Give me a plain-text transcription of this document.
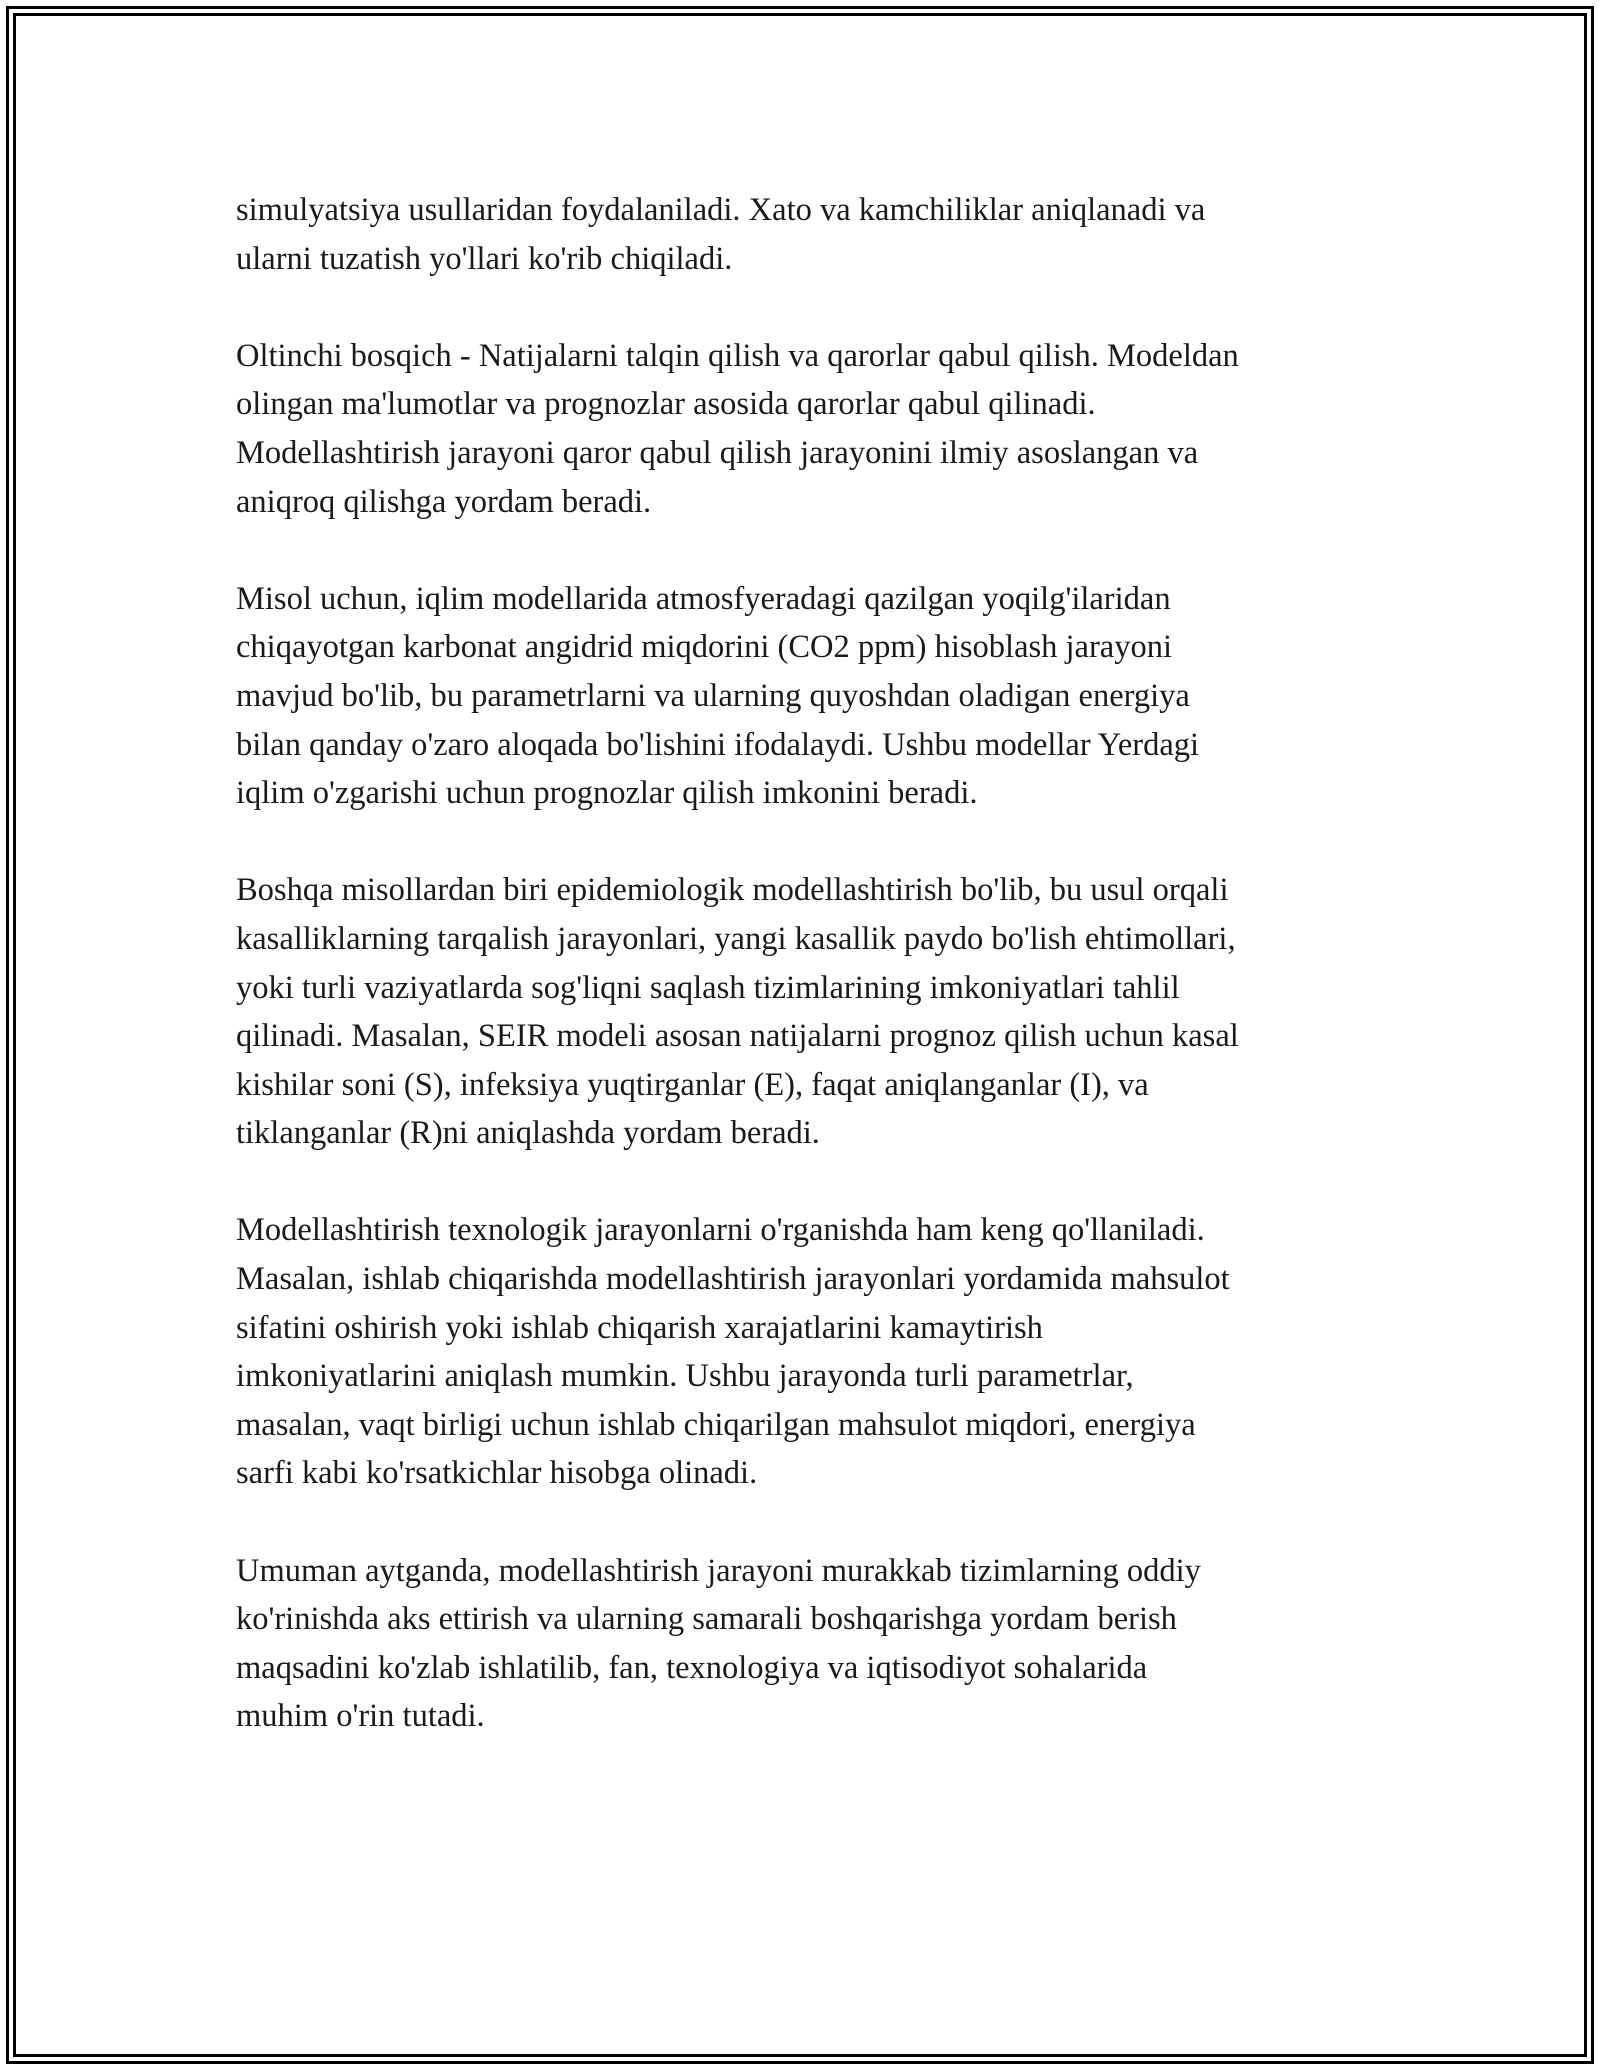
simulyatsiya usullaridan foydalaniladi. Xato va kamchiliklar aniqlanadi va
ularni tuzatish yo'llari ko'rib chiqiladi.

Oltinchi bosqich - Natijalarni talqin qilish va qarorlar qabul qilish. Modeldan
olingan ma'lumotlar va prognozlar asosida qarorlar qabul qilinadi.
Modellashtirish jarayoni qaror qabul qilish jarayonini ilmiy asoslangan va
aniqroq qilishga yordam beradi.

Misol uchun, iqlim modellarida atmosfyeradagi qazilgan yoqilg'ilaridan
chiqayotgan karbonat angidrid miqdorini (CO2 ppm) hisoblash jarayoni
mavjud bo'lib, bu parametrlarni va ularning quyoshdan oladigan energiya
bilan qanday o'zaro aloqada bo'lishini ifodalaydi. Ushbu modellar Yerdagi
iqlim o'zgarishi uchun prognozlar qilish imkonini beradi.

Boshqa misollardan biri epidemiologik modellashtirish bo'lib, bu usul orqali
kasalliklarning tarqalish jarayonlari, yangi kasallik paydo bo'lish ehtimollari,
yoki turli vaziyatlarda sog'liqni saqlash tizimlarining imkoniyatlari tahlil
qilinadi. Masalan, SEIR modeli asosan natijalarni prognoz qilish uchun kasal
kishilar soni (S), infeksiya yuqtirganlar (E), faqat aniqlanganlar (I), va
tiklanganlar (R)ni aniqlashda yordam beradi.

Modellashtirish texnologik jarayonlarni o'rganishda ham keng qo'llaniladi.
Masalan, ishlab chiqarishda modellashtirish jarayonlari yordamida mahsulot
sifatini oshirish yoki ishlab chiqarish xarajatlarini kamaytirish
imkoniyatlarini aniqlash mumkin. Ushbu jarayonda turli parametrlar,
masalan, vaqt birligi uchun ishlab chiqarilgan mahsulot miqdori, energiya
sarfi kabi ko'rsatkichlar hisobga olinadi.

Umuman aytganda, modellashtirish jarayoni murakkab tizimlarning oddiy
ko'rinishda aks ettirish va ularning samarali boshqarishga yordam berish
maqsadini ko'zlab ishlatilib, fan, texnologiya va iqtisodiyot sohalarida
muhim o'rin tutadi.
